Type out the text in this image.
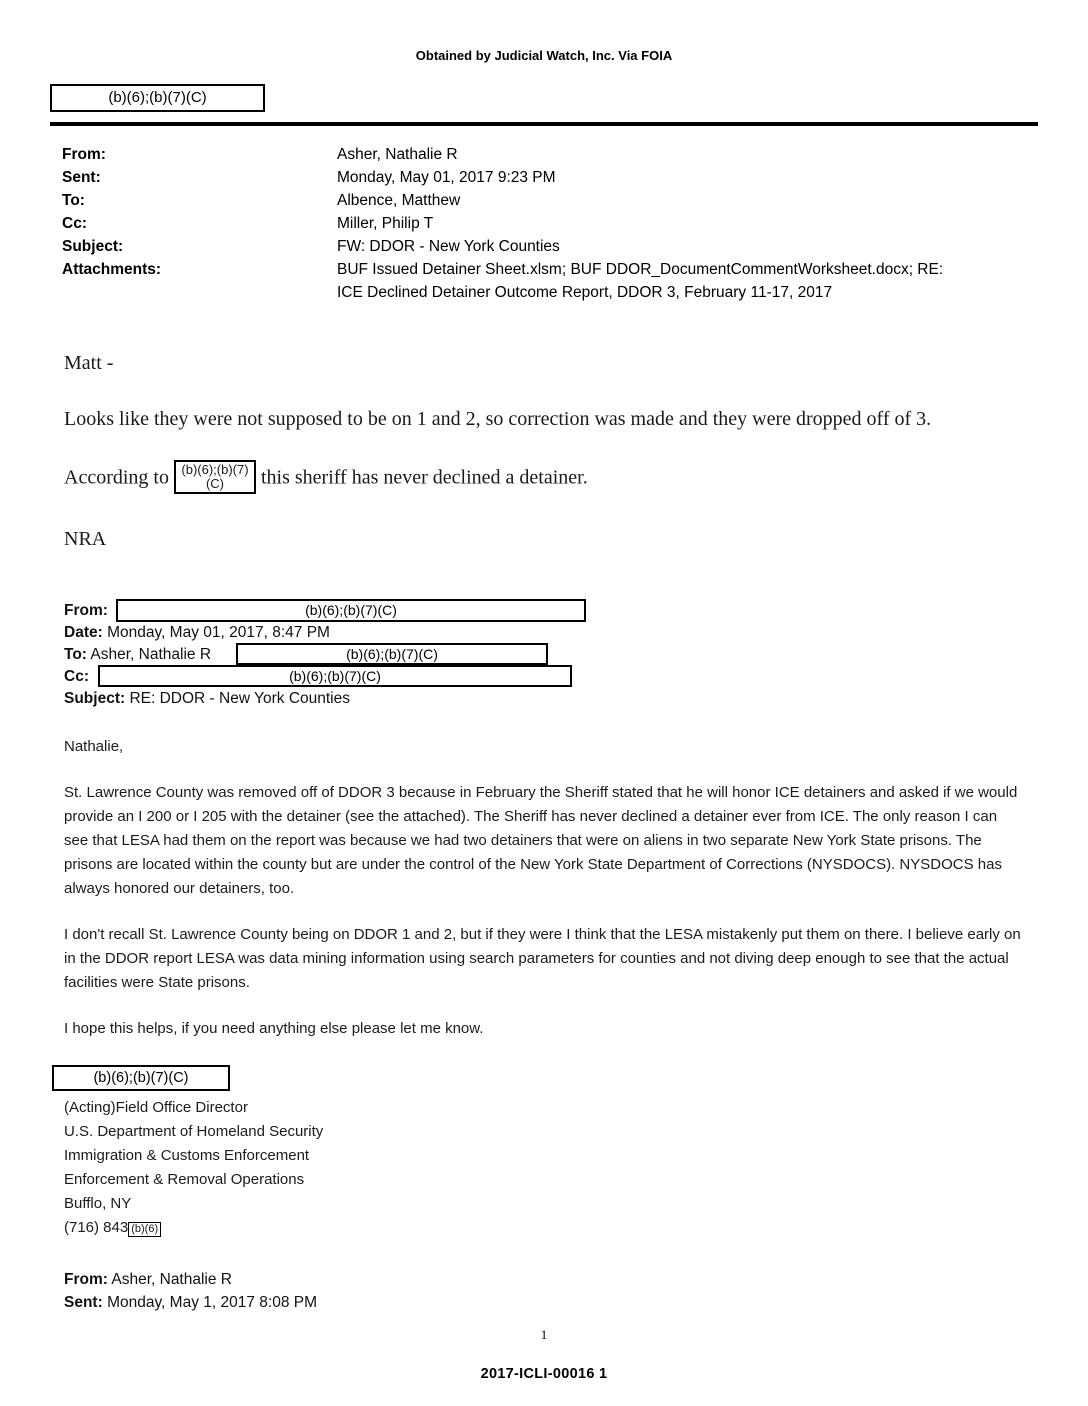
Obtained by Judicial Watch, Inc. Via FOIA
(b)(6);(b)(7)(C)
From:	Asher, Nathalie R
Sent:	Monday, May 01, 2017 9:23 PM
To:	Albence, Matthew
Cc:	Miller, Philip T
Subject:	FW: DDOR - New York Counties
Attachments:	BUF Issued Detainer Sheet.xlsm; BUF DDOR_DocumentCommentWorksheet.docx; RE:
ICE Declined Detainer Outcome Report, DDOR 3, February 11-17, 2017

Matt -

Looks like they were not supposed to be on 1 and 2, so correction was made and they were dropped off of 3.

According to (b)(6);(b)(7)(C) this sheriff has never declined a detainer.

NRA

From:	(b)(6);(b)(7)(C)
Date: Monday, May 01, 2017, 8:47 PM
To: Asher, Nathalie R	(b)(6);(b)(7)(C)
Cc:	(b)(6);(b)(7)(C)
Subject: RE: DDOR - New York Counties

Nathalie,

St. Lawrence County was removed off of DDOR 3 because in February the Sheriff stated that he will honor ICE detainers and asked if we would provide an I 200 or I 205 with the detainer (see the attached). The Sheriff has never declined a detainer ever from ICE. The only reason I can see that LESA had them on the report was because we had two detainers that were on aliens in two separate New York State prisons. The prisons are located within the county but are under the control of the New York State Department of Corrections (NYSDOCS). NYSDOCS has always honored our detainers, too.

I don't recall St. Lawrence County being on DDOR 1 and 2, but if they were I think that the LESA mistakenly put them on there. I believe early on in the DDOR report LESA was data mining information using search parameters for counties and not diving deep enough to see that the actual facilities were State prisons.

I hope this helps, if you need anything else please let me know.

(b)(6);(b)(7)(C)
(Acting)Field Office Director
U.S. Department of Homeland Security
Immigration & Customs Enforcement
Enforcement & Removal Operations
Bufflo, NY
(716) 843 (b)(6)
From: Asher, Nathalie R
Sent: Monday, May 1, 2017 8:08 PM
1
2017-ICLI-00016 1
